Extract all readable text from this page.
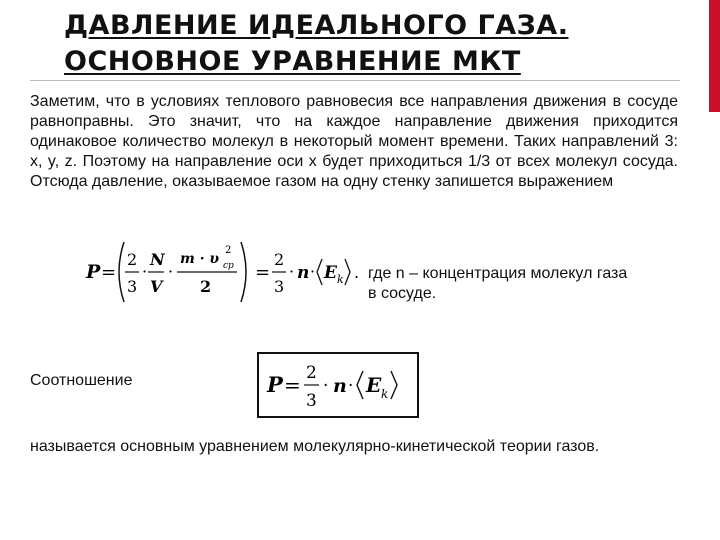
ДАВЛЕНИЕ ИДЕАЛЬНОГО ГАЗА.
ОСНОВНОЕ УРАВНЕНИЕ МКТ

Заметим, что в условиях теплового равновесия все направления движения в сосуде равноправны. Это значит, что на каждое направление движения приходится одинаковое количество молекул в некоторый момент времени. Таких направлений 3: x, y, z. Поэтому на направление оси x будет приходиться 1/3 от всех молекул сосуда. Отсюда давление, оказываемое газом на одну стенку запишется выражением

P =
2
3
·
N
V
·
m · υ
2
ср
2
=
2
3
· n · E k . где n – концентрация молекул газа
в сосуде.
Соотношение	P = 2
3
· n · E k
называется основным уравнением молекулярно-кинетической теории газов.
